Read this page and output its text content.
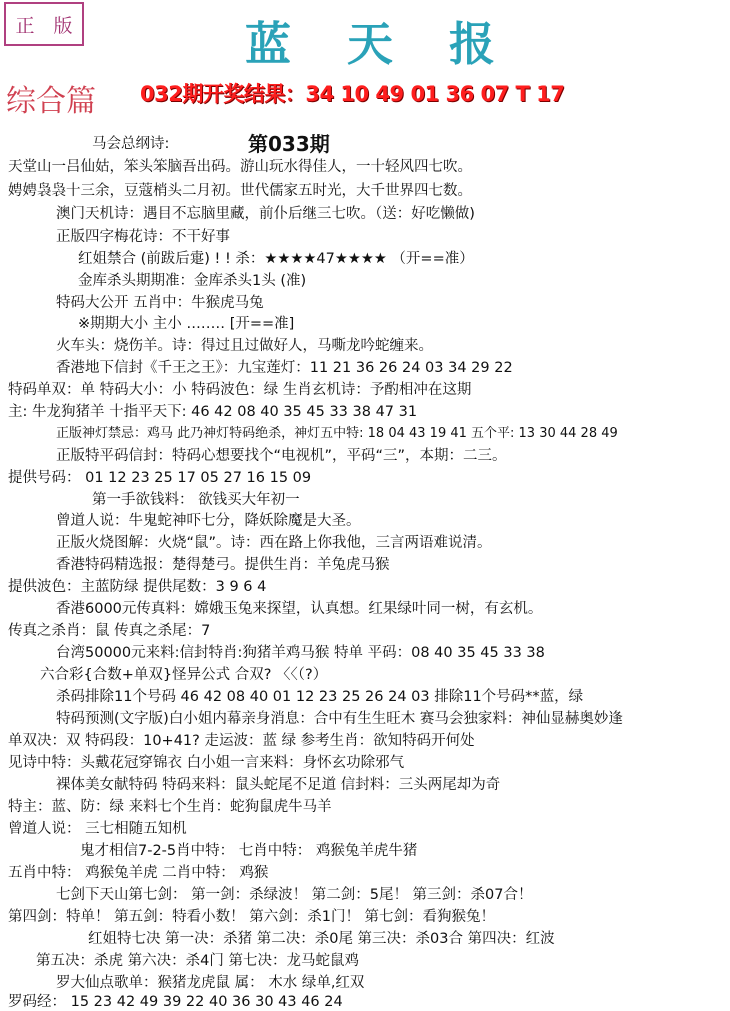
正 版	蓝 天 报
综合篇 032期开奖结果：34 10 49 01 36 07 T 17
第033期
马会总纲诗:
天堂山一吕仙姑，笨头笨脑吾出码。游山玩水得佳人，一十轻风四七吹。
娉娉袅袅十三余，豆蔻梢头二月初。世代儒家五时光，大千世界四七数。
澳门天机诗：遇目不忘脑里藏，前仆后继三七吹。（送：好吃懒做)
正版四字梅花诗：不干好事
红姐禁合 (前跋后疐) ! ! 杀：★★★★47★★★★ （开==准）
金库杀头期期准：金库杀头1头 (准)
特码大公开 五肖中：牛猴虎马兔
※期期大小 主小 ‥‥‥‥ [开==准]
火车头：烧伤羊。诗：得过且过做好人，马嘶龙吟蛇缠来。
香港地下信封《千王之王》：九宝莲灯：11 21 36 26 24 03 34 29 22
特码单双：单 特码大小：小 特码波色：绿 生肖玄机诗：予酌相冲在这期
主: 牛龙狗猪羊 十指平天下: 46 42 08 40 35 45 33 38 47 31
正版神灯禁忌：鸡马 此乃神灯特码绝杀，神灯五中特: 18 04 43 19 41 五个平: 13 30 44 28 49
正版特平码信封：特码心想要找个“电视机”，平码“三”，本期：二三。
提供号码： 01 12 23 25 17 05 27 16 15 09
第一手欲钱料： 欲钱买大年初一
曾道人说：牛鬼蛇神吓七分，降妖除魔是大圣。
正版火烧图解：火烧“鼠”。诗：西在路上你我他，三言两语难说清。
香港特码精选报：楚得楚弓。提供生肖：羊兔虎马猴
提供波色：主蓝防绿 提供尾数：3 9 6 4
香港6000元传真料：嫦娥玉兔来探望，认真想。红果绿叶同一树，有玄机。
传真之杀肖：鼠 传真之杀尾：7
台湾50000元来料:信封特肖:狗猪羊鸡马猴 特单 平码：08 40 35 45 33 38
六合彩{合数+单双}怪异公式 合双? 〈〈（?）
杀码排除11个号码 46 42 08 40 01 12 23 25 26 24 03 排除11个号码**蓝，绿
特码预测(文字版)白小姐内幕亲身消息：合中有生生旺木 赛马会独家料：神仙显赫奥妙逢
单双决：双 特码段：10+41? 走运波：蓝 绿 参考生肖：欲知特码开何处
见诗中特：头戴花冠穿锦衣 白小姐一言来料：身怀玄功除邪气
裸体美女献特码 特码来料：鼠头蛇尾不足道 信封料：三头两尾却为奇
特主：蓝、防：绿 来料七个生肖：蛇狗鼠虎牛马羊
曾道人说： 三七相随五知机
鬼才相信7-2-5肖中特： 七肖中特： 鸡猴兔羊虎牛猪
五肖中特： 鸡猴兔羊虎 二肖中特： 鸡猴
七剑下天山第七剑： 第一剑：杀绿波！ 第二剑：5尾！ 第三剑：杀07合！
第四剑：特单！ 第五剑：特看小数！ 第六剑：杀1门！ 第七剑：看狗猴兔！
红姐特七决 第一决：杀猪 第二决：杀0尾 第三决：杀03合 第四决：红波
第五决：杀虎 第六决：杀4门 第七决：龙马蛇鼠鸡
罗大仙点歌单：猴猪龙虎鼠 属： 木水 绿单,红双
罗码经： 15 23 42 49 39 22 40 36 30 43 46 24
